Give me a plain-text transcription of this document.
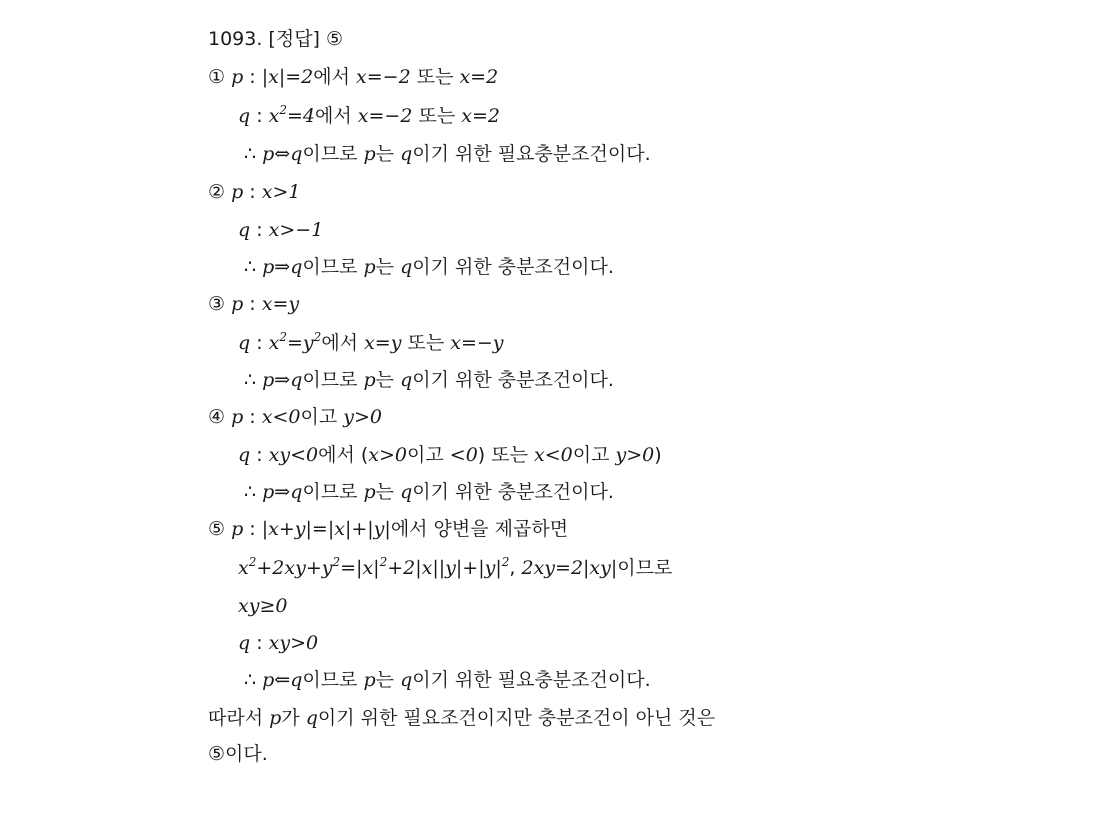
1093. [정답] ⑤
① p : |x|=2에서 x=−2 또는 x=2
q : $x^2=4$에서 x=−2 또는 x=2
∴ p⇔q이므로 p는 q이기 위한 필요충분조건이다.
② p : x>1
q : x>−1
∴ p⇒q이므로 p는 q이기 위한 충분조건이다.
③ p : x=y
q : $x^2=y^2$에서 x=y 또는 x=−y
∴ p⇒q이므로 p는 q이기 위한 충분조건이다.
④ p : x<0이고 y>0
q : xy<0에서 (x>0이고 <0) 또는 x<0이고 y>0)
∴ p⇒q이므로 p는 q이기 위한 충분조건이다.
⑤ p : |x+y|=|x|+|y|에서 양변을 제곱하면
$x^2+2xy+y^2=|x|^2+2|x||y|+|y|^2$, 2xy=2|xy|이므로
xy≥0
q : xy>0
∴ p⇐q이므로 p는 q이기 위한 필요충분조건이다.
따라서 p가 q이기 위한 필요조건이지만 충분조건이 아닌 것은
⑤이다.
